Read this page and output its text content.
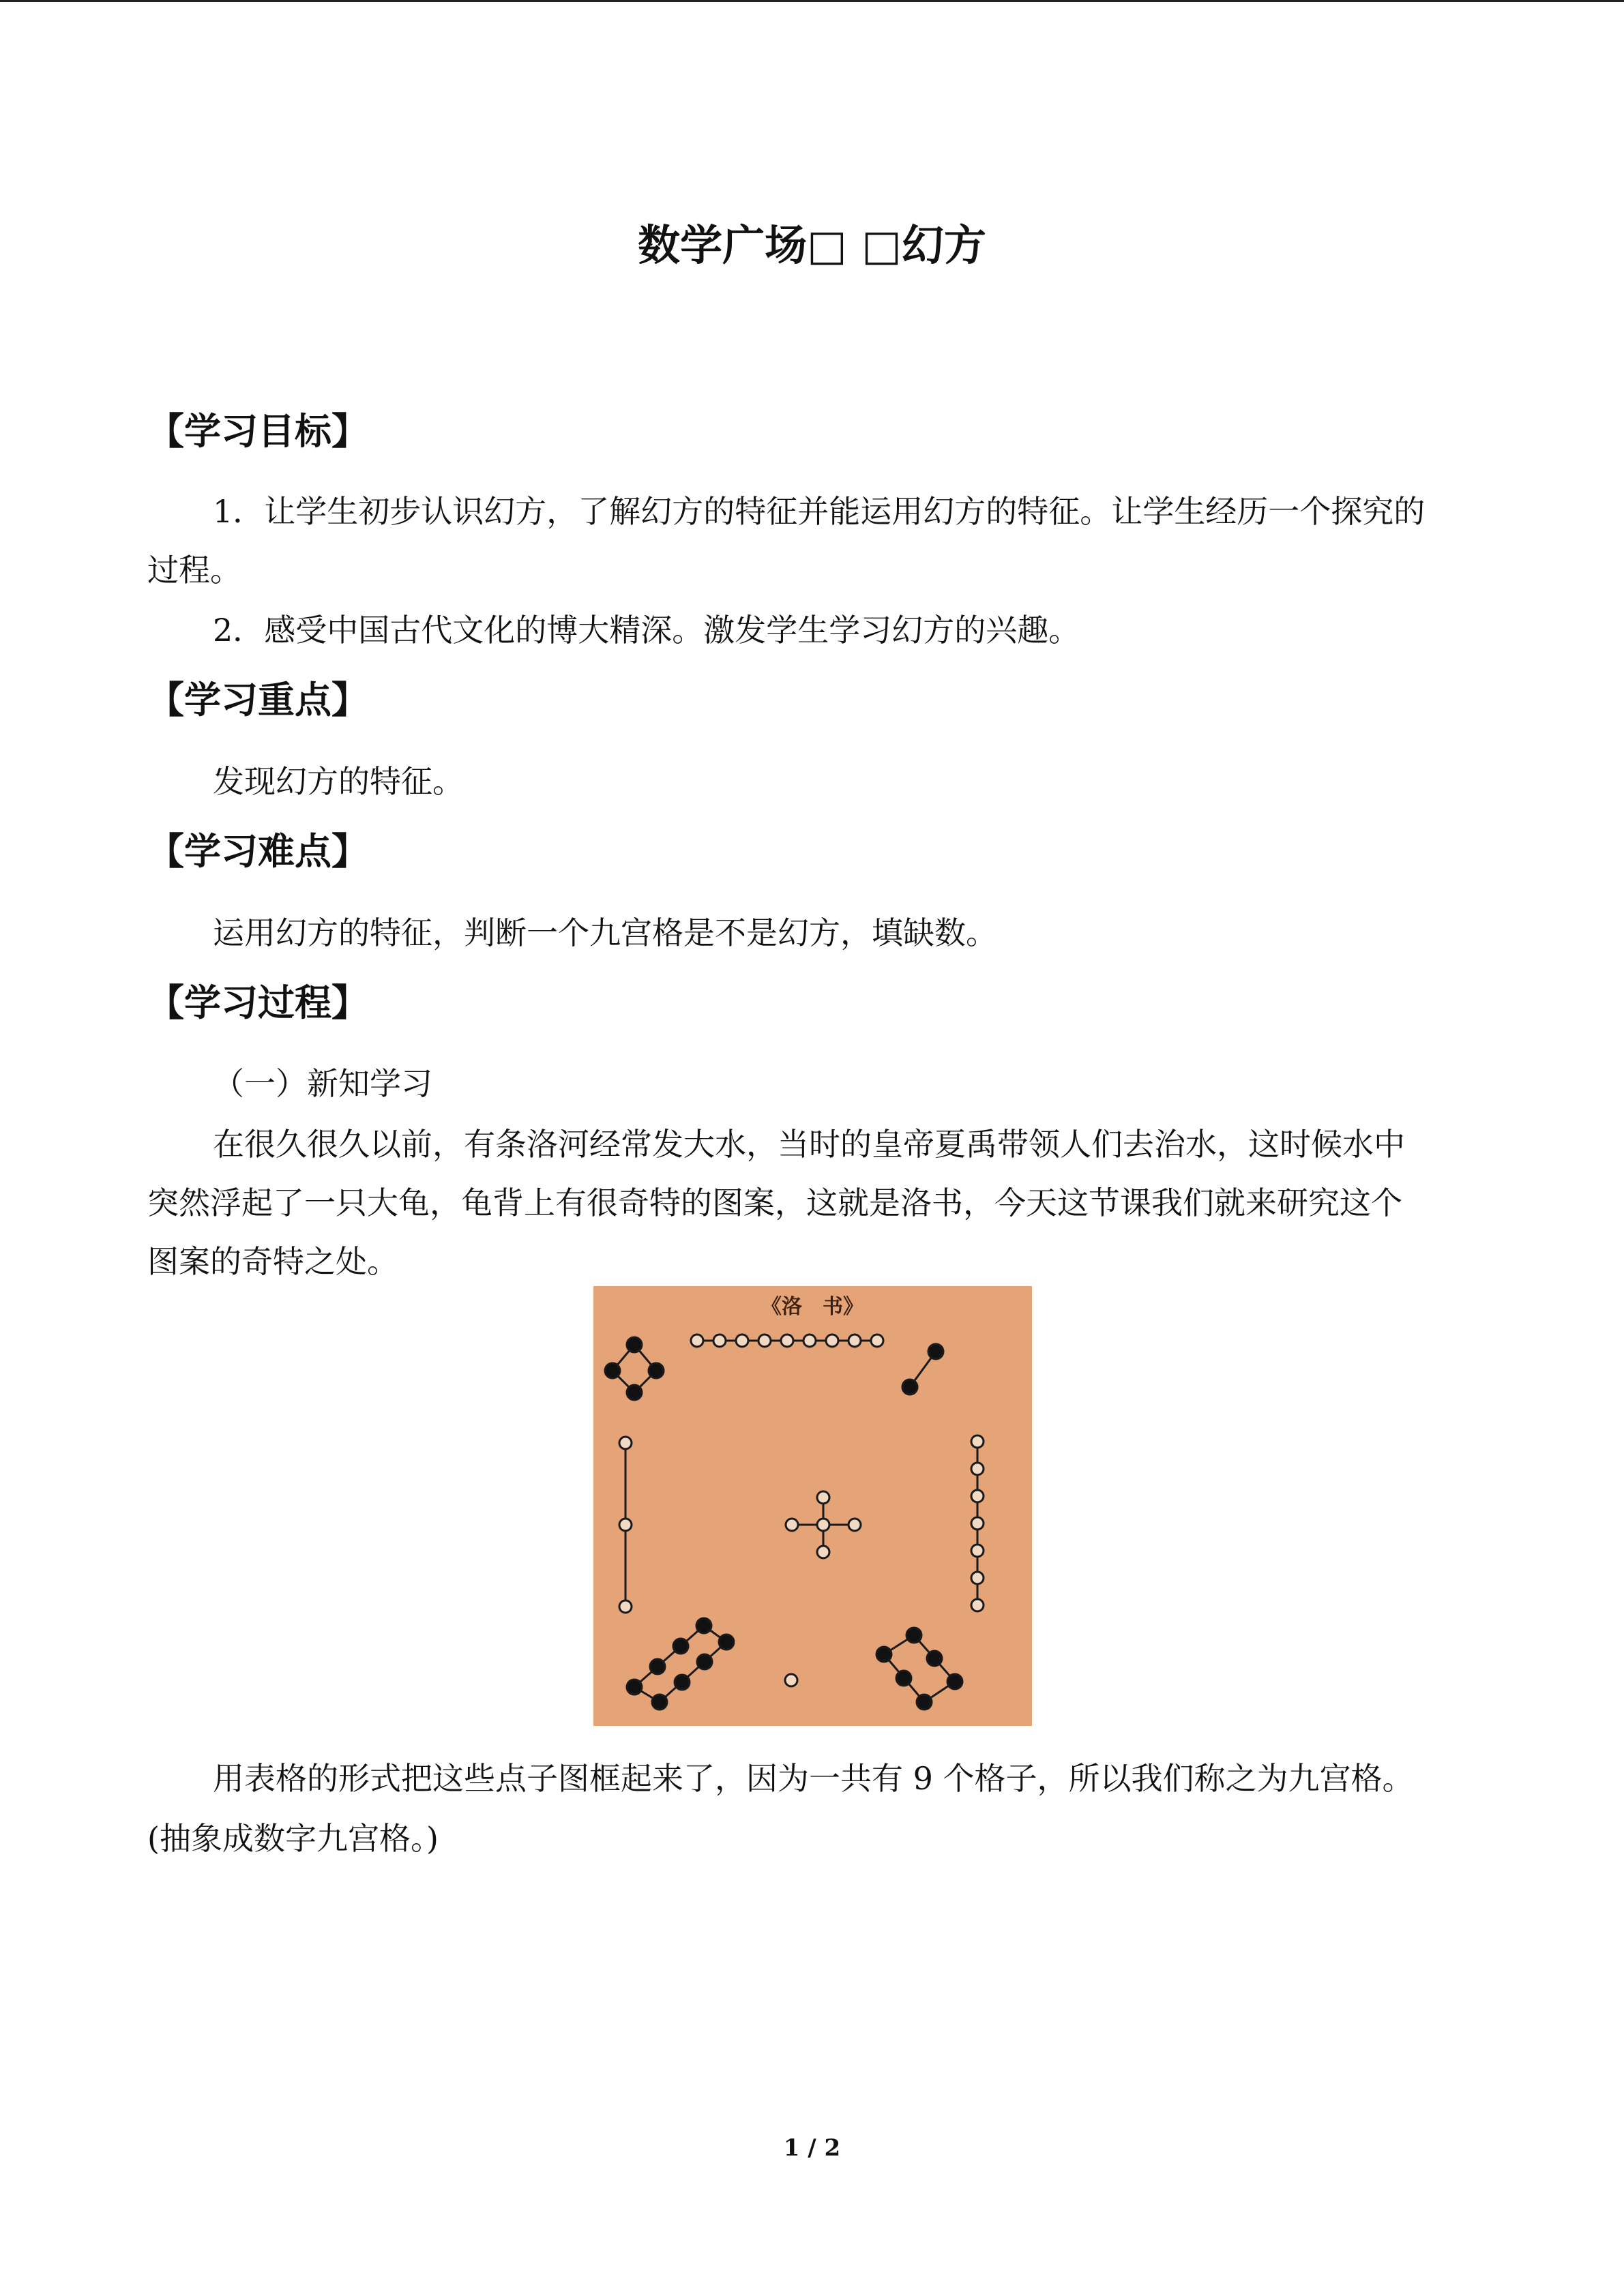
数学广场□ □幻方
【学习目标】
1．让学生初步认识幻方，了解幻方的特征并能运用幻方的特征。让学生经历一个探究的
过程。
2．感受中国古代文化的博大精深。激发学生学习幻方的兴趣。
【学习重点】
发现幻方的特征。
【学习难点】
运用幻方的特征，判断一个九宫格是不是幻方，填缺数。
【学习过程】
（一）新知学习
在很久很久以前，有条洛河经常发大水，当时的皇帝夏禹带领人们去治水，这时候水中
突然浮起了一只大龟，龟背上有很奇特的图案，这就是洛书，今天这节课我们就来研究这个
图案的奇特之处。
《洛　书》
用表格的形式把这些点子图框起来了，因为一共有 9 个格子，所以我们称之为九宫格。
(抽象成数字九宫格。)
1 / 2
